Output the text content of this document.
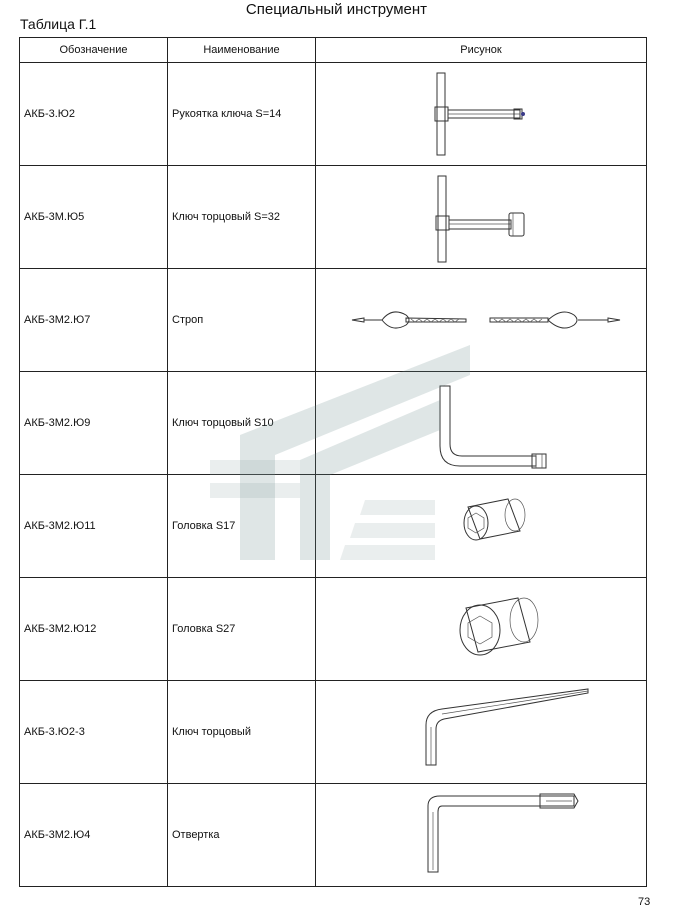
Специальный инструмент
Таблица Г.1
Обозначение	Наименование	Рисунок
АКБ-3.Ю2	Рукоятка ключа S=14	

АКБ-3М.Ю5	Ключ торцовый S=32	

АКБ-3М2.Ю7	Строп	

АКБ-3М2.Ю9	Ключ торцовый S10	

АКБ-3М2.Ю11	Головка S17	

АКБ-3М2.Ю12	Головка S27	

АКБ-3.Ю2-3	Ключ торцовый	

АКБ-3М2.Ю4	Отвертка	
73
